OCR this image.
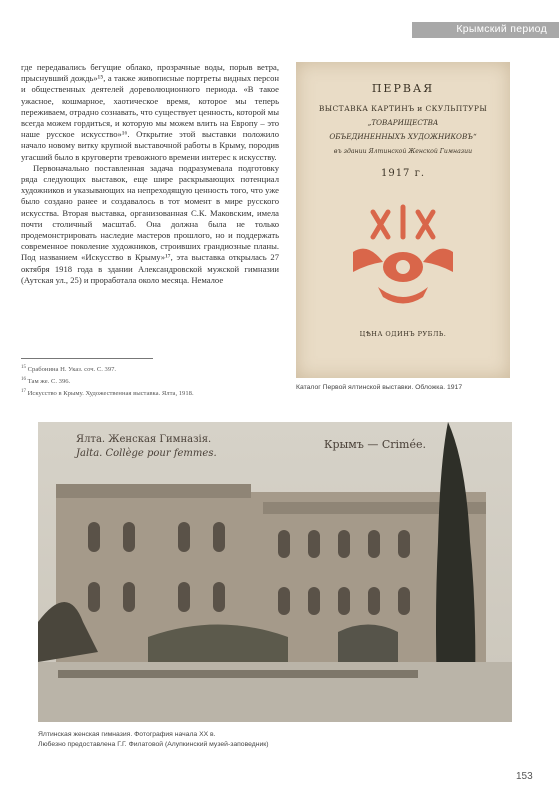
Крымский период

где передавались бегущие облако, прозрачные воды, порыв ветра, прыснувший дождь»¹⁵, а также живописные портреты видных персон и общественных деятелей дореволюционного периода. «В такое ужасное, кошмарное, хаотическое время, которое мы теперь переживаем, отрадно сознавать, что существует ценность, которой мы всегда можем гордиться, и которую мы можем влить на Европу – это наше русское искусство»¹⁶. Открытие этой выставки положило начало новому витку крупной выставочной работы в Крыму, породив угасший было в круговерти тревожного времени интерес к искусству.

Первоначально поставленная задача подразумевала подготовку ряда следующих выставок, еще шире раскрывающих потенциал художников и указывающих на непреходящую ценность того, что уже было создано ранее и создавалось в тот момент в мире русского искусства. Вторая выставка, организованная С.К. Маковским, имела почти столичный масштаб. Она должна была не только продемонстрировать наследие мастеров прошлого, но и поддержать современное поколение художников, строивших грандиозные планы. Под названием «Искусство в Крыму»¹⁷, эта выставка открылась 27 октября 1918 года в здании Александровской мужской гимназии (Аутская ул., 25) и проработала около месяца. Немалое

$^{15}$ Срабонина Н. Указ. соч. С. 397.
$^{16}$ Там же. С. 396.
$^{17}$ Искусство в Крыму. Художественная выставка. Ялта, 1918.
ПЕРВАЯ
ВЫСТАВКА КАРТИНЪ и СКУЛЬПТУРЫ
„ТОВАРИЩЕСТВА
ОБЪЕДИНЕННЫХЪ ХУДОЖНИКОВЪ“
въ здании Ялтинской Женской Гимназии
1917 г.
ЦѢНА ОДИНЪ РУБЛЬ.
Каталог Первой ялтинской выставки. Обложка. 1917
Ялта. Женская Гимназiя.
Jalta. Collège pour femmes.
Крымъ — Crimée.
Ялтинская женская гимназия. Фотография начала XX в.
Любезно предоставлена Г.Г. Филатовой (Алупкинский музей-заповедник)
153
